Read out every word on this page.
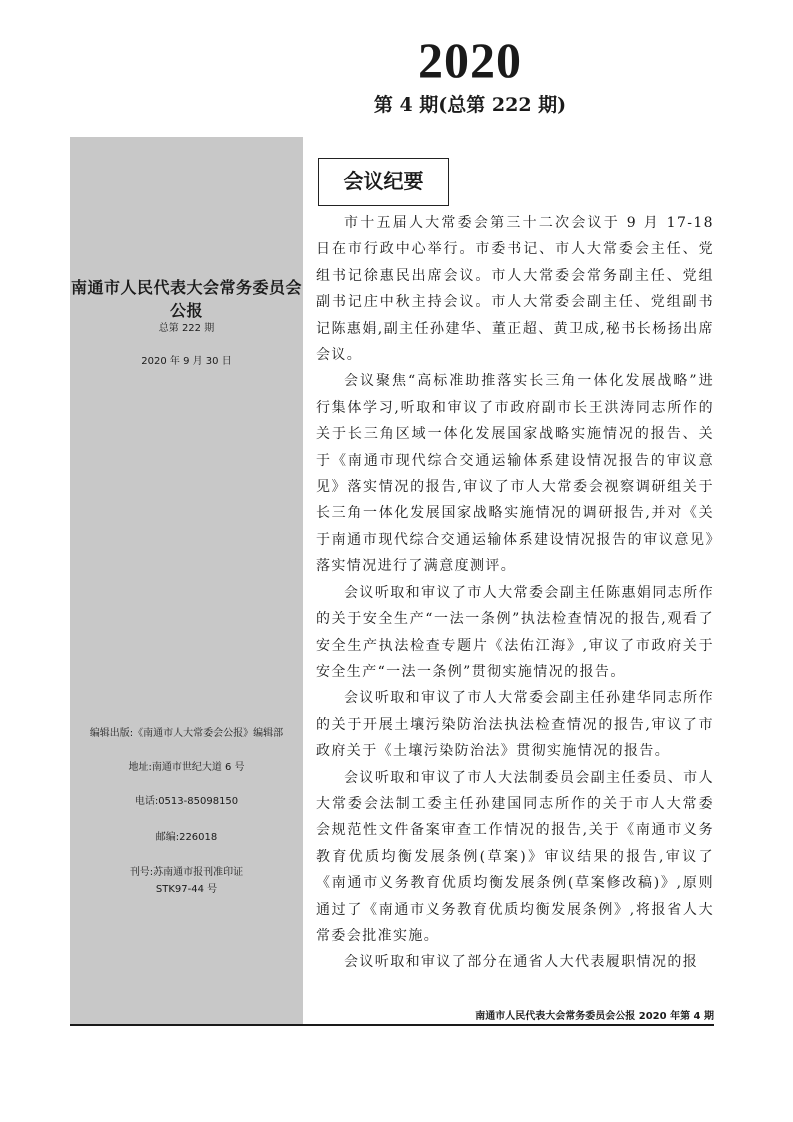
2020
第 4 期(总第 222 期)
南通市人民代表大会常务委员会公报
总第 222 期
2020 年 9 月 30 日
编辑出版:《南通市人大常委会公报》编辑部
地址:南通市世纪大道 6 号
电话:0513-85098150
邮编:226018
刊号:苏南通市报刊准印证
STK97-44 号
会议纪要

市十五届人大常委会第三十二次会议于 9 月 17-18 日在市行政中心举行。市委书记、市人大常委会主任、党组书记徐惠民出席会议。市人大常委会常务副主任、党组副书记庄中秋主持会议。市人大常委会副主任、党组副书记陈惠娟,副主任孙建华、董正超、黄卫成,秘书长杨扬出席会议。

会议聚焦“高标准助推落实长三角一体化发展战略”进行集体学习,听取和审议了市政府副市长王洪涛同志所作的关于长三角区域一体化发展国家战略实施情况的报告、关于《南通市现代综合交通运输体系建设情况报告的审议意见》落实情况的报告,审议了市人大常委会视察调研组关于长三角一体化发展国家战略实施情况的调研报告,并对《关于南通市现代综合交通运输体系建设情况报告的审议意见》落实情况进行了满意度测评。

会议听取和审议了市人大常委会副主任陈惠娟同志所作的关于安全生产“一法一条例”执法检查情况的报告,观看了安全生产执法检查专题片《法佑江海》,审议了市政府关于安全生产“一法一条例”贯彻实施情况的报告。

会议听取和审议了市人大常委会副主任孙建华同志所作的关于开展土壤污染防治法执法检查情况的报告,审议了市政府关于《土壤污染防治法》贯彻实施情况的报告。

会议听取和审议了市人大法制委员会副主任委员、市人大常委会法制工委主任孙建国同志所作的关于市人大常委会规范性文件备案审查工作情况的报告,关于《南通市义务教育优质均衡发展条例(草案)》审议结果的报告,审议了《南通市义务教育优质均衡发展条例(草案修改稿)》,原则通过了《南通市义务教育优质均衡发展条例》,将报省人大常委会批准实施。

会议听取和审议了部分在通省人大代表履职情况的报

南通市人民代表大会常务委员会公报 2020 年第 4 期
